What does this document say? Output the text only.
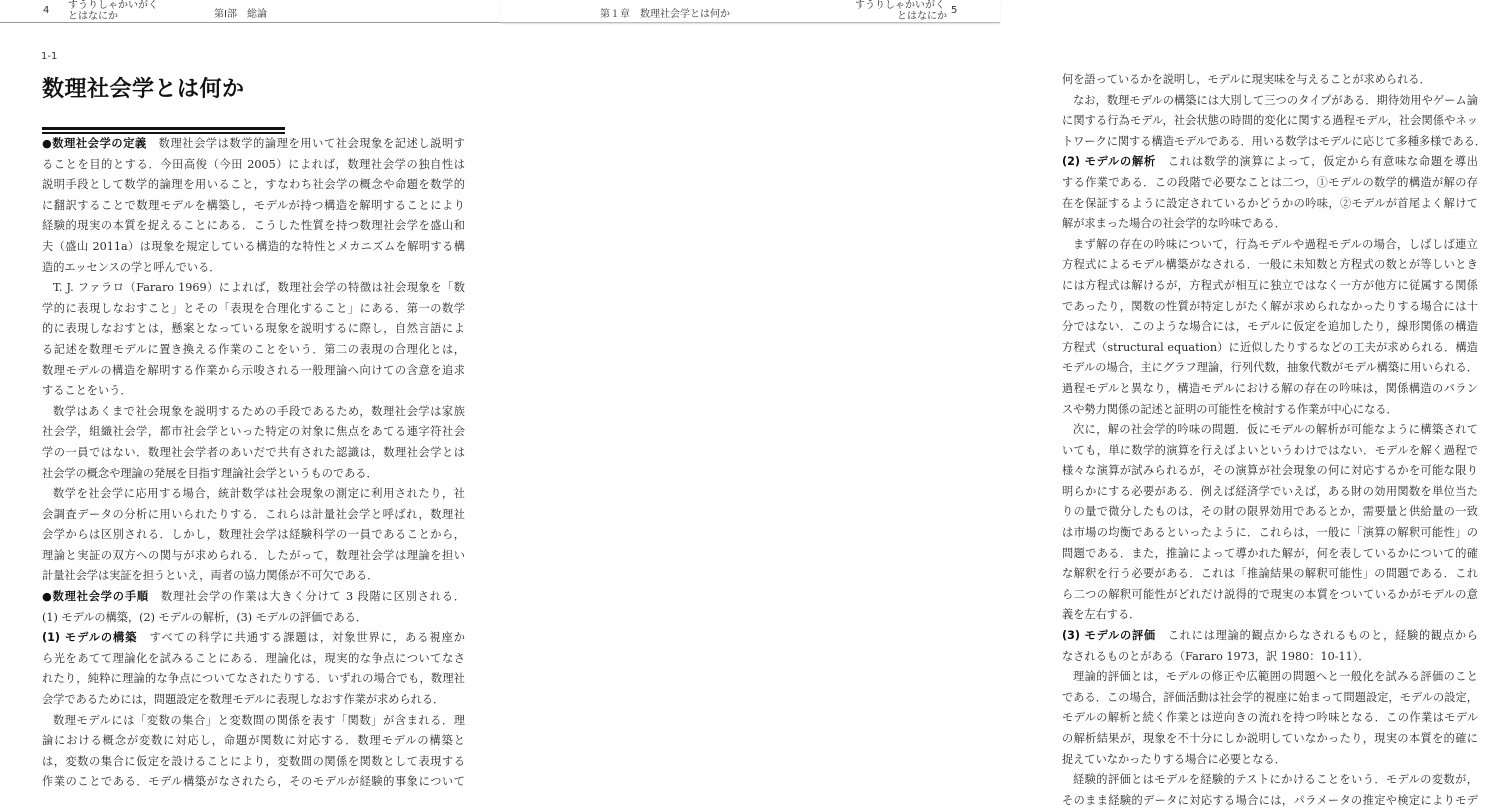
4 すうりしゃかいがく
とはなにか	第Ⅰ部　総論
1-1
数理社会学とは何か
●数理社会学の定義　数理社会学は数学的論理を用いて社会現象を記述し説明す
ることを目的とする．今田高俊（今田 2005）によれば，数理社会学の独自性は
説明手段として数学的論理を用いること，すなわち社会学の概念や命題を数学的
に翻訳することで数理モデルを構築し，モデルが持つ構造を解明することにより
経験的現実の本質を捉えることにある．こうした性質を持つ数理社会学を盛山和
夫（盛山 2011a）は現象を規定している構造的な特性とメカニズムを解明する構
造的エッセンスの学と呼んでいる．
T. J. ファラロ（Fararo 1969）によれば，数理社会学の特徴は社会現象を「数
学的に表現しなおすこと」とその「表現を合理化すること」にある．第一の数学
的に表現しなおすとは，懸案となっている現象を説明するに際し，自然言語によ
る記述を数理モデルに置き換える作業のことをいう．第二の表現の合理化とは，
数理モデルの構造を解明する作業から示唆される一般理論へ向けての含意を追求
することをいう．
数学はあくまで社会現象を説明するための手段であるため，数理社会学は家族
社会学，組織社会学，都市社会学といった特定の対象に焦点をあてる連字符社会
学の一員ではない．数理社会学者のあいだで共有された認識は，数理社会学とは
社会学の概念や理論の発展を目指す理論社会学というものである．
数学を社会学に応用する場合，統計数学は社会現象の測定に利用されたり，社
会調査データの分析に用いられたりする．これらは計量社会学と呼ばれ，数理社
会学からは区別される．しかし，数理社会学は経験科学の一員であることから，
理論と実証の双方への関与が求められる．したがって，数理社会学は理論を担い
計量社会学は実証を担うといえ，両者の協力関係が不可欠である．
●数理社会学の手順　数理社会学の作業は大きく分けて 3 段階に区別される．
(1) モデルの構築，(2) モデルの解析，(3) モデルの評価である．
(1) モデルの構築　すべての科学に共通する課題は，対象世界に，ある視座か
ら光をあてて理論化を試みることにある．理論化は，現実的な争点についてなさ
れたり，純粋に理論的な争点についてなされたりする．いずれの場合でも，数理社
会学であるためには，問題設定を数理モデルに表現しなおす作業が求められる．
数理モデルには「変数の集合」と変数間の関係を表す「関数」が含まれる．理
論における概念が変数に対応し，命題が関数に対応する．数理モデルの構築と
は，変数の集合に仮定を設けることにより，変数間の関係を関数として表現する
作業のことである．モデル構築がなされたら，そのモデルが経験的事象について
第１章　数理社会学とは何か
すうりしゃかいがく
とはなにか
5
何を語っているかを説明し，モデルに現実味を与えることが求められる．
なお，数理モデルの構築には大別して三つのタイプがある．期待効用やゲーム論
に関する行為モデル，社会状態の時間的変化に関する過程モデル，社会関係やネッ
トワークに関する構造モデルである．用いる数学はモデルに応じて多種多様である．
(2) モデルの解析　これは数学的演算によって，仮定から有意味な命題を導出
する作業である．この段階で必要なことは二つ，①モデルの数学的構造が解の存
在を保証するように設定されているかどうかの吟味，②モデルが首尾よく解けて
解が求まった場合の社会学的な吟味である．
まず解の存在の吟味について，行為モデルや過程モデルの場合，しばしば連立
方程式によるモデル構築がなされる．一般に未知数と方程式の数とが等しいとき
には方程式は解けるが，方程式が相互に独立ではなく一方が他方に従属する関係
であったり，関数の性質が特定しがたく解が求められなかったりする場合には十
分ではない．このような場合には，モデルに仮定を追加したり，線形関係の構造
方程式（structural equation）に近似したりするなどの工夫が求められる．構造
モデルの場合，主にグラフ理論，行列代数，抽象代数がモデル構築に用いられる．
過程モデルと異なり，構造モデルにおける解の存在の吟味は，関係構造のバラン
スや勢力関係の記述と証明の可能性を検討する作業が中心になる．
次に，解の社会学的吟味の問題．仮にモデルの解析が可能なように構築されて
いても，単に数学的演算を行えばよいというわけではない．モデルを解く過程で
様々な演算が試みられるが，その演算が社会現象の何に対応するかを可能な限り
明らかにする必要がある．例えば経済学でいえば，ある財の効用関数を単位当た
りの量で微分したものは，その財の限界効用であるとか，需要量と供給量の一致
は市場の均衡であるといったように．これらは，一般に「演算の解釈可能性」の
問題である．また，推論によって導かれた解が，何を表しているかについて的確
な解釈を行う必要がある．これは「推論結果の解釈可能性」の問題である．これ
ら二つの解釈可能性がどれだけ説得的で現実の本質をついているかがモデルの意
義を左右する．
(3) モデルの評価　これには理論的観点からなされるものと，経験的観点から
なされるものとがある（Fararo 1973，訳 1980：10-11）．
理論的評価とは，モデルの修正や広範囲の問題へと一般化を試みる評価のこと
である．この場合，評価活動は社会学的視座に始まって問題設定，モデルの設定，
モデルの解析と続く作業とは逆向きの流れを持つ吟味となる．この作業はモデル
の解析結果が，現象を不十分にしか説明していなかったり，現実の本質を的確に
捉えていなかったりする場合に必要となる．
経験的評価とはモデルを経験的テストにかけることをいう．モデルの変数が，
そのまま経験的データに対応する場合には，パラメータの推定や検定によりモデ
